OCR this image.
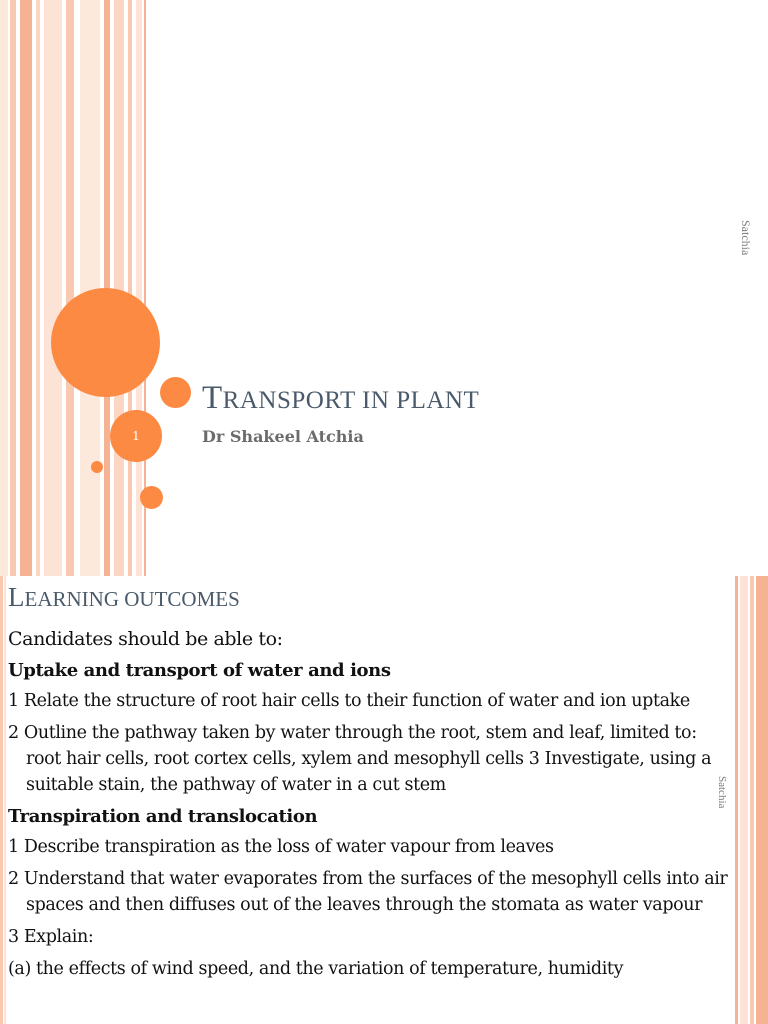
1
TRANSPORT IN PLANT
Dr Shakeel Atchia
Satchia
LEARNING OUTCOMES

Candidates should be able to:

Uptake and transport of water and ions

1 Relate the structure of root hair cells to their function of water and ion uptake

2 Outline the pathway taken by water through the root, stem and leaf, limited to: root hair cells, root cortex cells, xylem and mesophyll cells 3 Investigate, using a suitable stain, the pathway of water in a cut stem

Transpiration and translocation

1 Describe transpiration as the loss of water vapour from leaves

2 Understand that water evaporates from the surfaces of the mesophyll cells into air spaces and then diffuses out of the leaves through the stomata as water vapour

3 Explain:

(a) the effects of wind speed, and the variation of temperature, humidity

Satchia
